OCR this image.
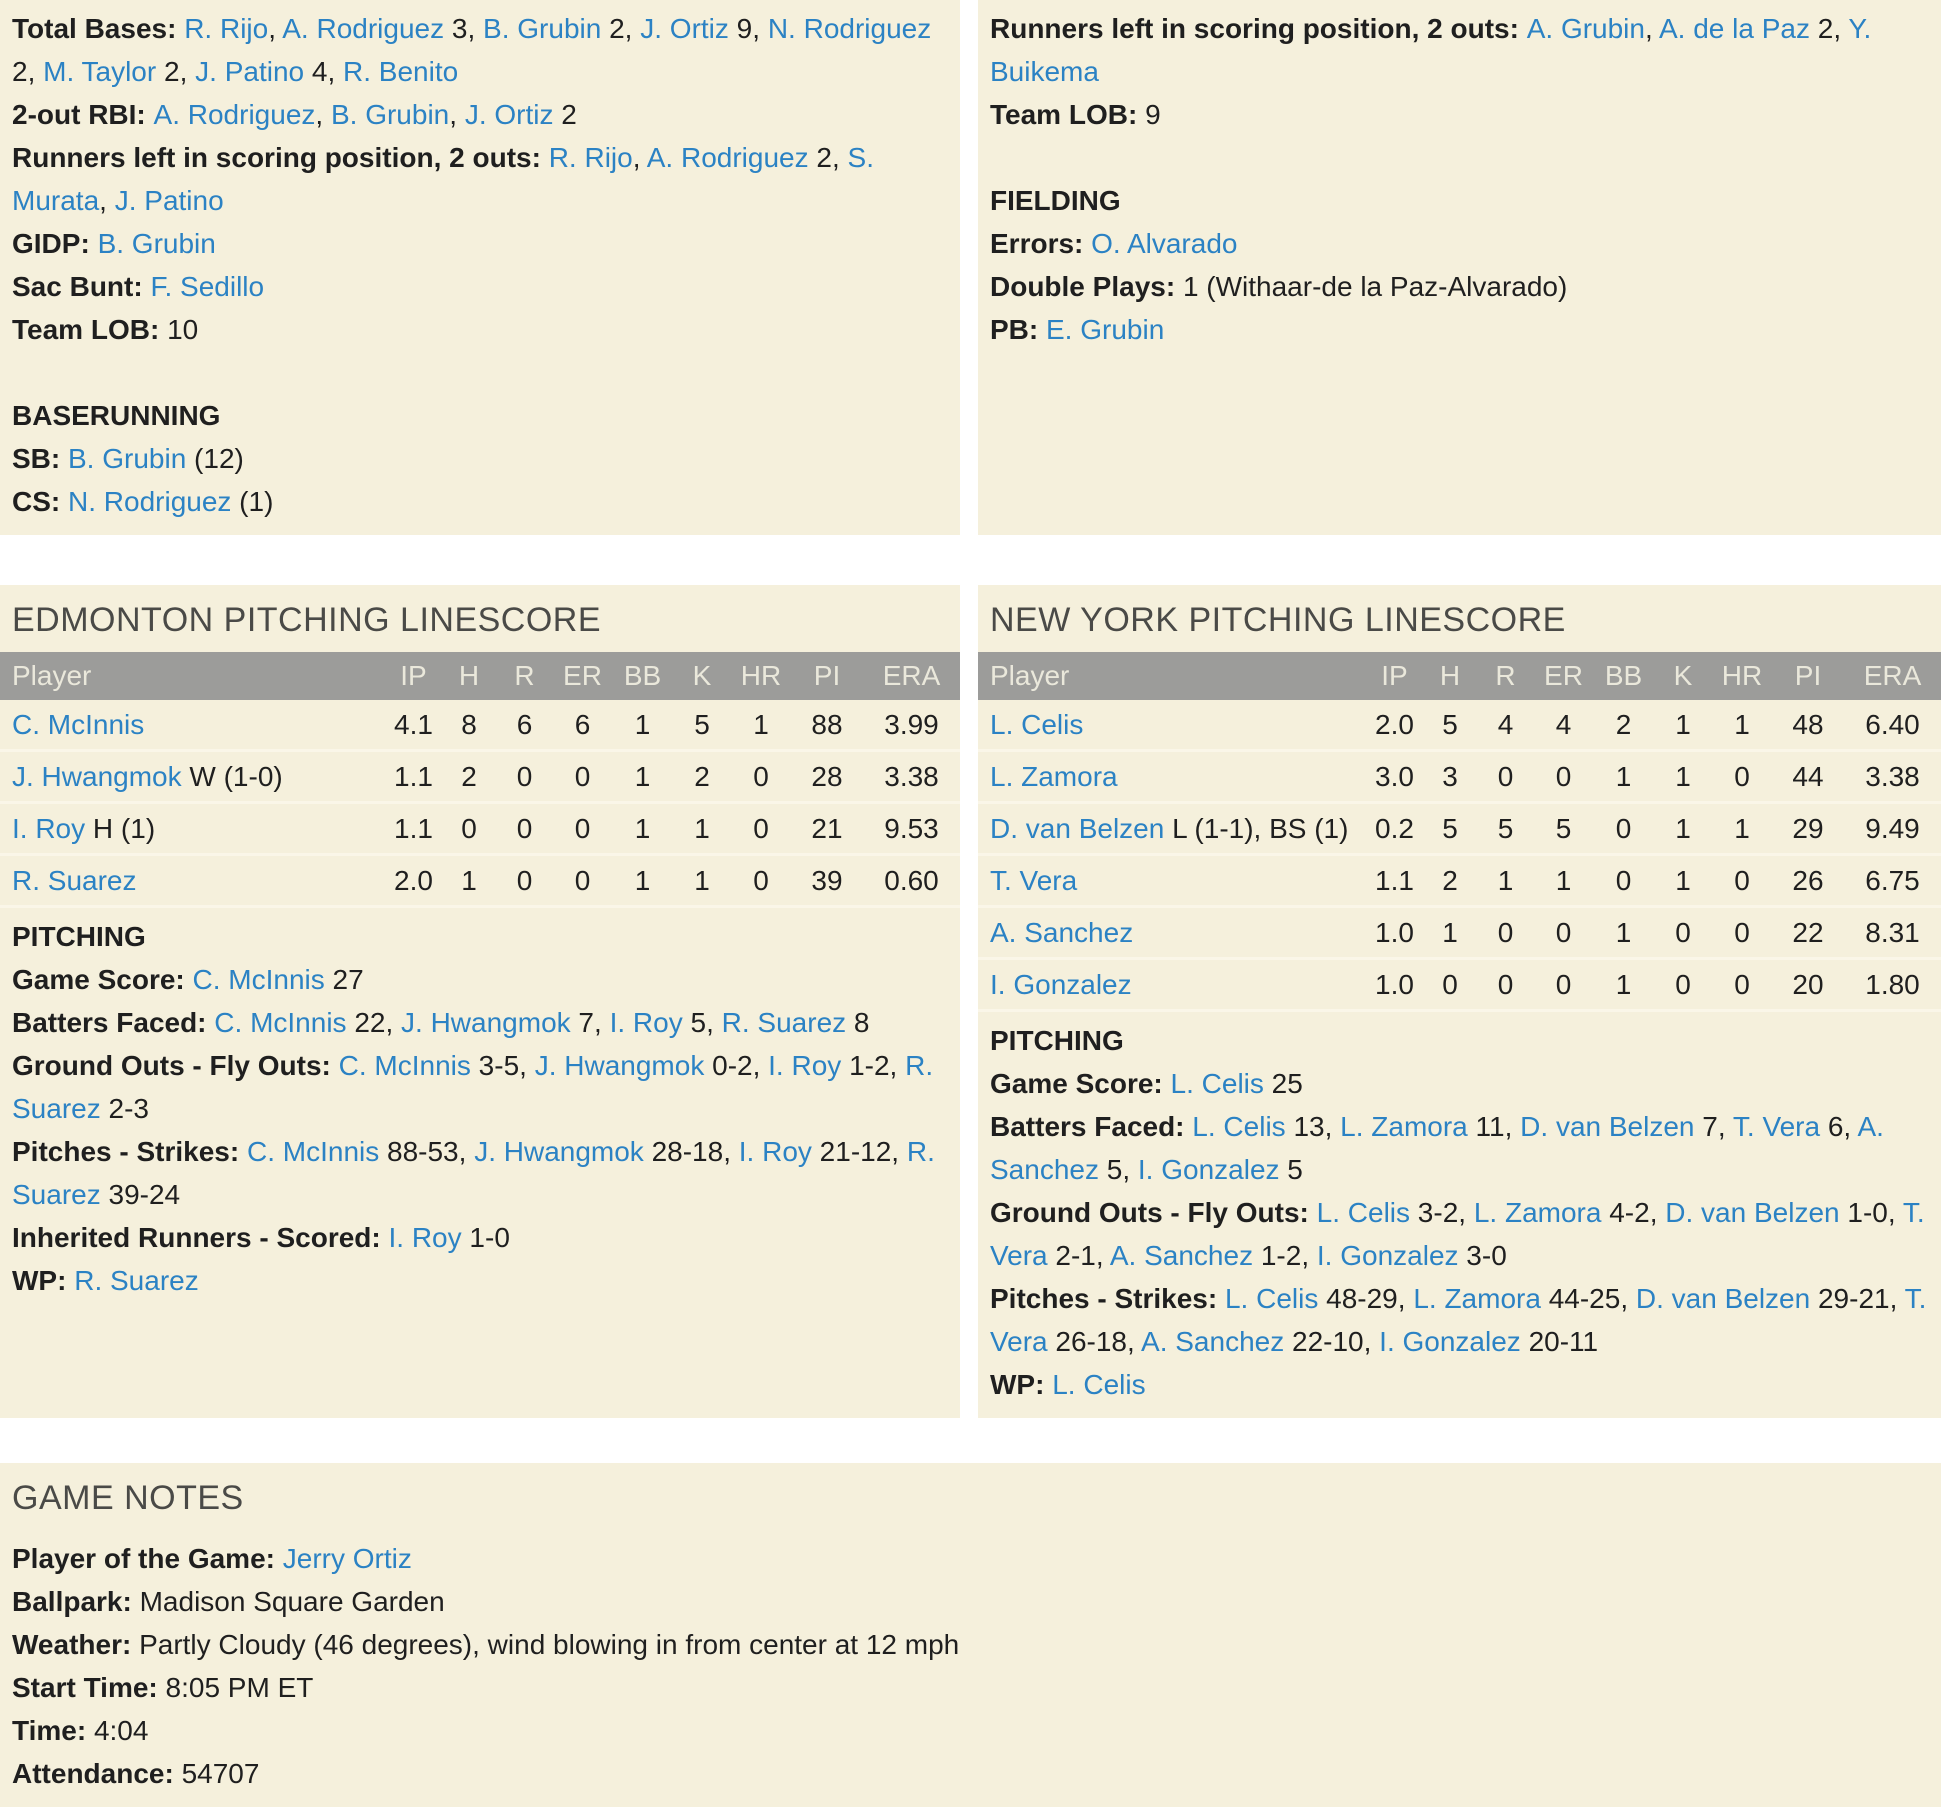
Total Bases: R. Rijo, A. Rodriguez 3, B. Grubin 2, J. Ortiz 9, N. Rodriguez 2, M. Taylor 2, J. Patino 4, R. Benito
2-out RBI: A. Rodriguez, B. Grubin, J. Ortiz 2
Runners left in scoring position, 2 outs: R. Rijo, A. Rodriguez 2, S. Murata, J. Patino
GIDP: B. Grubin
Sac Bunt: F. Sedillo
Team LOB: 10
BASERUNNING
SB: B. Grubin (12)
CS: N. Rodriguez (1)
Runners left in scoring position, 2 outs: A. Grubin, A. de la Paz 2, Y. Buikema
Team LOB: 9
FIELDING
Errors: O. Alvarado
Double Plays: 1 (Withaar-de la Paz-Alvarado)
PB: E. Grubin
EDMONTON PITCHING LINESCORE
Player	IP	H	R	ER	BB	K	HR	PI	ERA
C. McInnis	4.1	8	6	6	1	5	1	88	3.99
J. Hwangmok W (1-0)	1.1	2	0	0	1	2	0	28	3.38
I. Roy H (1)	1.1	0	0	0	1	1	0	21	9.53
R. Suarez	2.0	1	0	0	1	1	0	39	0.60
PITCHING
Game Score: C. McInnis 27
Batters Faced: C. McInnis 22, J. Hwangmok 7, I. Roy 5, R. Suarez 8
Ground Outs - Fly Outs: C. McInnis 3-5, J. Hwangmok 0-2, I. Roy 1-2, R. Suarez 2-3
Pitches - Strikes: C. McInnis 88-53, J. Hwangmok 28-18, I. Roy 21-12, R. Suarez 39-24
Inherited Runners - Scored: I. Roy 1-0
WP: R. Suarez
NEW YORK PITCHING LINESCORE
Player	IP	H	R	ER	BB	K	HR	PI	ERA
L. Celis	2.0	5	4	4	2	1	1	48	6.40
L. Zamora	3.0	3	0	0	1	1	0	44	3.38
D. van Belzen L (1-1), BS (1)	0.2	5	5	5	0	1	1	29	9.49
T. Vera	1.1	2	1	1	0	1	0	26	6.75
A. Sanchez	1.0	1	0	0	1	0	0	22	8.31
I. Gonzalez	1.0	0	0	0	1	0	0	20	1.80
PITCHING
Game Score: L. Celis 25
Batters Faced: L. Celis 13, L. Zamora 11, D. van Belzen 7, T. Vera 6, A. Sanchez 5, I. Gonzalez 5
Ground Outs - Fly Outs: L. Celis 3-2, L. Zamora 4-2, D. van Belzen 1-0, T. Vera 2-1, A. Sanchez 1-2, I. Gonzalez 3-0
Pitches - Strikes: L. Celis 48-29, L. Zamora 44-25, D. van Belzen 29-21, T. Vera 26-18, A. Sanchez 22-10, I. Gonzalez 20-11
WP: L. Celis
GAME NOTES
Player of the Game: Jerry Ortiz
Ballpark: Madison Square Garden
Weather: Partly Cloudy (46 degrees), wind blowing in from center at 12 mph
Start Time: 8:05 PM ET
Time: 4:04
Attendance: 54707
